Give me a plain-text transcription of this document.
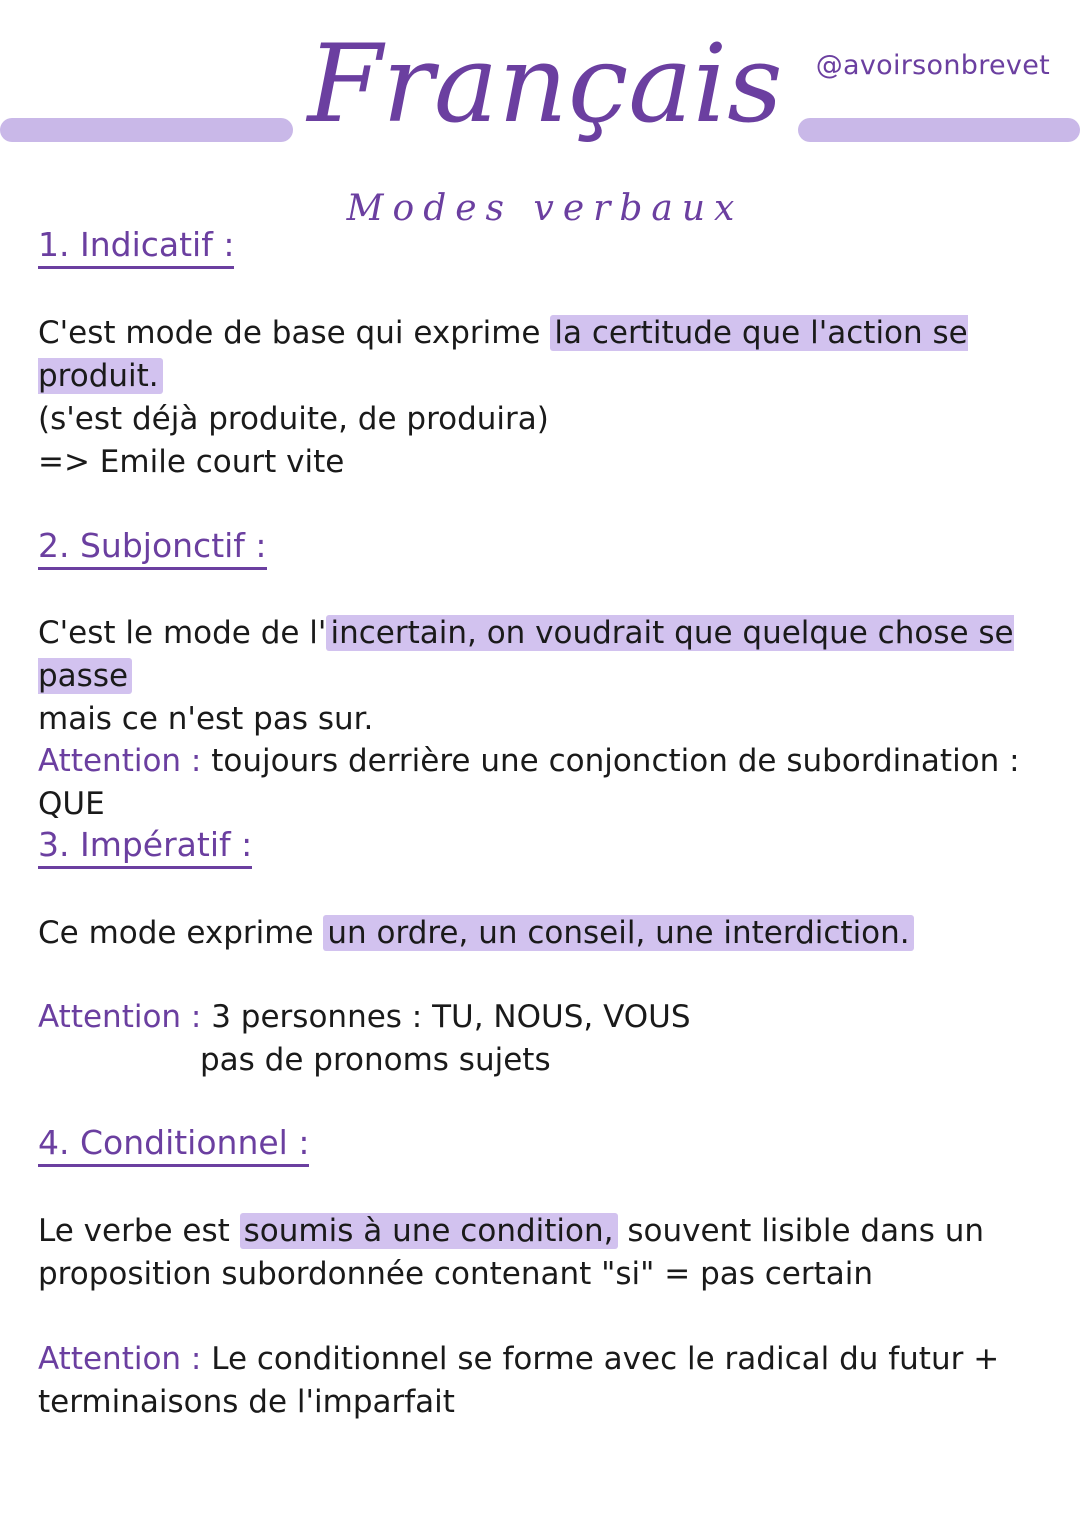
Français
Modes verbaux
@avoirsonbrevet
1. Indicatif :
C'est mode de base qui exprime la certitude que l'action se produit.
(s'est déjà produite, de produira)
=> Emile court vite
2. Subjonctif :
C'est le mode de l' incertain, on voudrait que quelque chose se passe
mais ce n'est pas sur.
Attention : toujours derrière une conjonction de subordination : QUE
3. Impératif :
Ce mode exprime un ordre, un conseil, une interdiction.
Attention : 3 personnes : TU, NOUS, VOUS
pas de pronoms sujets
4. Conditionnel :
Le verbe est soumis à une condition, souvent lisible dans un
proposition subordonnée contenant "si" = pas certain
Attention : Le conditionnel se forme avec le radical du futur +
terminaisons de l'imparfait
